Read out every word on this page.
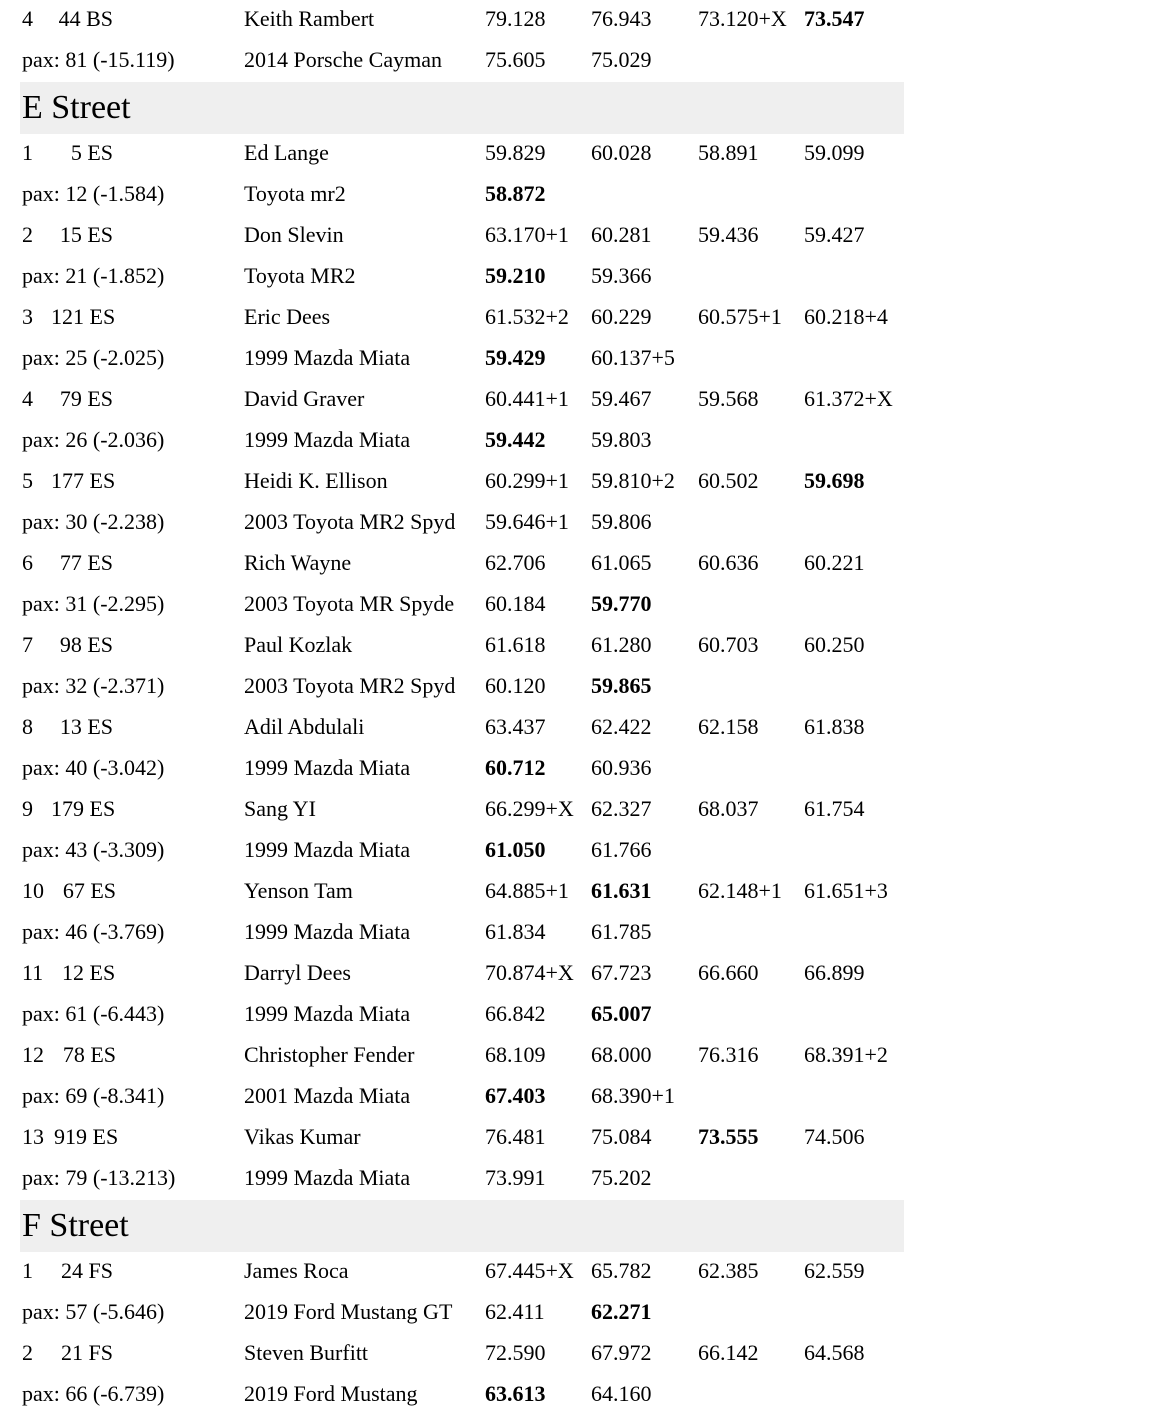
4 44 BS	Keith Rambert	79.128 76.943 73.120+X 73.547
pax: 81 (-15.119)	2014 Porsche Cayman 75.605 75.029
E Street
1 5 ES	Ed Lange	59.829 60.028 58.891 59.099
pax: 12 (-1.584)	Toyota mr2	58.872
2 15 ES	Don Slevin	63.170+1 60.281 59.436 59.427
pax: 21 (-1.852)	Toyota MR2	59.210 59.366
3 121 ES	Eric Dees	61.532+2 60.229 60.575+1 60.218+4
pax: 25 (-2.025)	1999 Mazda Miata	59.429 60.137+5
4 79 ES	David Graver	60.441+1 59.467 59.568 61.372+X
pax: 26 (-2.036)	1999 Mazda Miata	59.442 59.803
5 177 ES	Heidi K. Ellison	60.299+1 59.810+2 60.502 59.698
pax: 30 (-2.238)	2003 Toyota MR2 Spyd 59.646+1 59.806
6 77 ES	Rich Wayne	62.706 61.065 60.636 60.221
pax: 31 (-2.295)	2003 Toyota MR Spyde 60.184 59.770
7 98 ES	Paul Kozlak	61.618 61.280 60.703 60.250
pax: 32 (-2.371)	2003 Toyota MR2 Spyd 60.120 59.865
8 13 ES	Adil Abdulali	63.437 62.422 62.158 61.838
pax: 40 (-3.042)	1999 Mazda Miata	60.712 60.936
9 179 ES	Sang YI	66.299+X 62.327 68.037 61.754
pax: 43 (-3.309)	1999 Mazda Miata	61.050 61.766
10 67 ES	Yenson Tam	64.885+1 61.631 62.148+1 61.651+3
pax: 46 (-3.769)	1999 Mazda Miata	61.834 61.785
11 12 ES	Darryl Dees	70.874+X 67.723 66.660 66.899
pax: 61 (-6.443)	1999 Mazda Miata	66.842 65.007
12 78 ES	Christopher Fender	68.109 68.000 76.316 68.391+2
pax: 69 (-8.341)	2001 Mazda Miata	67.403 68.390+1
13 919 ES	Vikas Kumar	76.481 75.084 73.555 74.506
pax: 79 (-13.213)	1999 Mazda Miata	73.991 75.202
F Street
1 24 FS	James Roca	67.445+X 65.782 62.385 62.559
pax: 57 (-5.646)	2019 Ford Mustang GT 62.411 62.271
2 21 FS	Steven Burfitt	72.590 67.972 66.142 64.568
pax: 66 (-6.739)	2019 Ford Mustang	63.613 64.160
